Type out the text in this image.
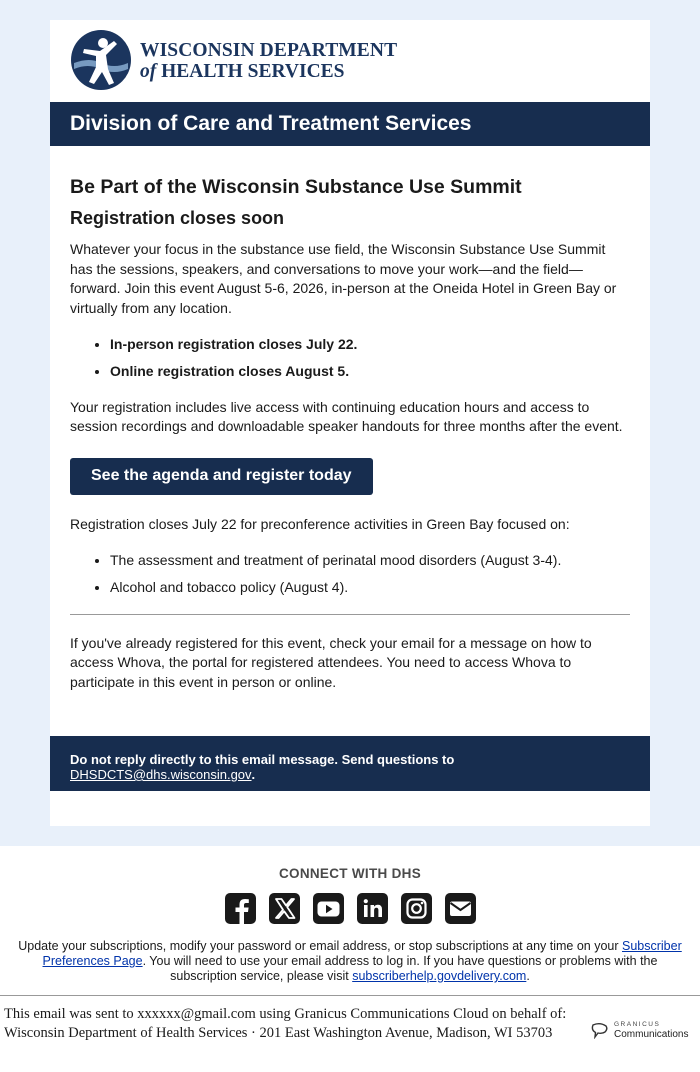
WISCONSIN DEPARTMENT
of HEALTH SERVICES
Division of Care and Treatment Services
Be Part of the Wisconsin Substance Use Summit
Registration closes soon

Whatever your focus in the substance use field, the Wisconsin Substance Use Summit has the sessions, speakers, and conversations to move your work—and the field—forward. Join this event August 5-6, 2026, in-person at the Oneida Hotel in Green Bay or virtually from any location.

• In-person registration closes July 22.
• Online registration closes August 5.

Your registration includes live access with continuing education hours and access to session recordings and downloadable speaker handouts for three months after the event.

See the agenda and register today

Registration closes July 22 for preconference activities in Green Bay focused on:

• The assessment and treatment of perinatal mood disorders (August 3-4).
• Alcohol and tobacco policy (August 4).

If you've already registered for this event, check your email for a message on how to access Whova, the portal for registered attendees. You need to access Whova to participate in this event in person or online.

Do not reply directly to this email message. Send questions to DHSDCTS@dhs.wisconsin.gov.
CONNECT WITH DHS
Update your subscriptions, modify your password or email address, or stop subscriptions at any time on your Subscriber Preferences Page. You will need to use your email address to log in. If you have questions or problems with the subscription service, please visit subscriberhelp.govdelivery.com.
This email was sent to xxxxxx@gmail.com using Granicus Communications Cloud on behalf of: Wisconsin Department of Health Services · 201 East Washington Avenue, Madison, WI 53703	GRANICUS
Communications
